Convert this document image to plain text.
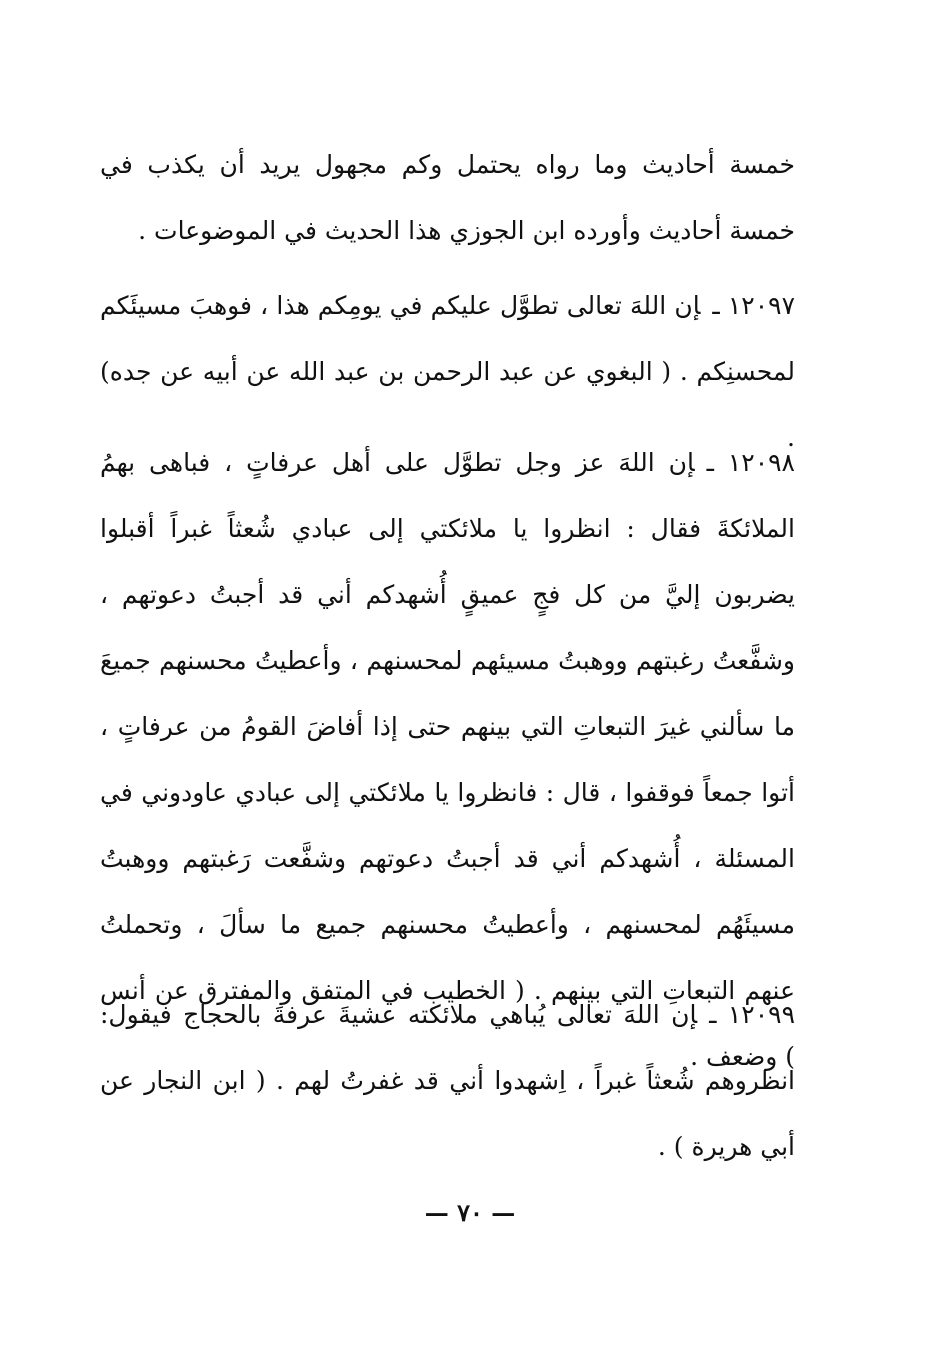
خمسة أحاديث وما رواه يحتمل وكم مجهول يريد أن يكذب في خمسة أحاديث وأورده ابن الجوزي هذا الحديث في الموضوعات .

١٢٠٩٧ ـإن اللهَ تعالى تطوَّل عليكم في يومِكم هذا ، فوهبَ مسيئَكم لمحسنِكم . ( البغوي عن عبد الرحمن بن عبد الله عن أبيه عن جده) .

١٢٠٩٨ ـإن اللهَ عز وجل تطوَّل على أهل عرفاتٍ ، فباهى بهمُ الملائكةَ فقال : انظروا يا ملائكتي إلى عبادي شُعثاً غبراً أقبلوا يضربون إليَّ من كل فجٍ عميقٍ أُشهدكم أني قد أجبتُ دعوتهم ، وشفَّعتُ رغبتهم ووهبتُ مسيئهم لمحسنهم ، وأعطيتُ محسنهم جميعَ ما سألني غيرَ التبعاتِ التي بينهم حتى إذا أفاضَ القومُ من عرفاتٍ ، أتوا جمعاً فوقفوا ، قال : فانظروا يا ملائكتي إلى عبادي عاودوني في المسئلة ، أُشهدكم أني قد أجبتُ دعوتهم وشفَّعت رَغبتهم ووهبتُ مسيئَهُم لمحسنهم ، وأعطيتُ محسنهم جميع ما سألَ ، وتحملتُ عنهم التبعاتِ التي بينهم . ( الخطيب في المتفق والمفترق عن أنس ) وضعف .

١٢٠٩٩ ـإن اللهَ تعالى يُباهي ملائكته عشيةَ عرفةَ بالحجاج فيقول: انظروهم شُعثاً غبراً ، اِشهدوا أني قد غفرتُ لهم . ( ابن النجار عن أبي هريرة ) .

— ٧٠ —
